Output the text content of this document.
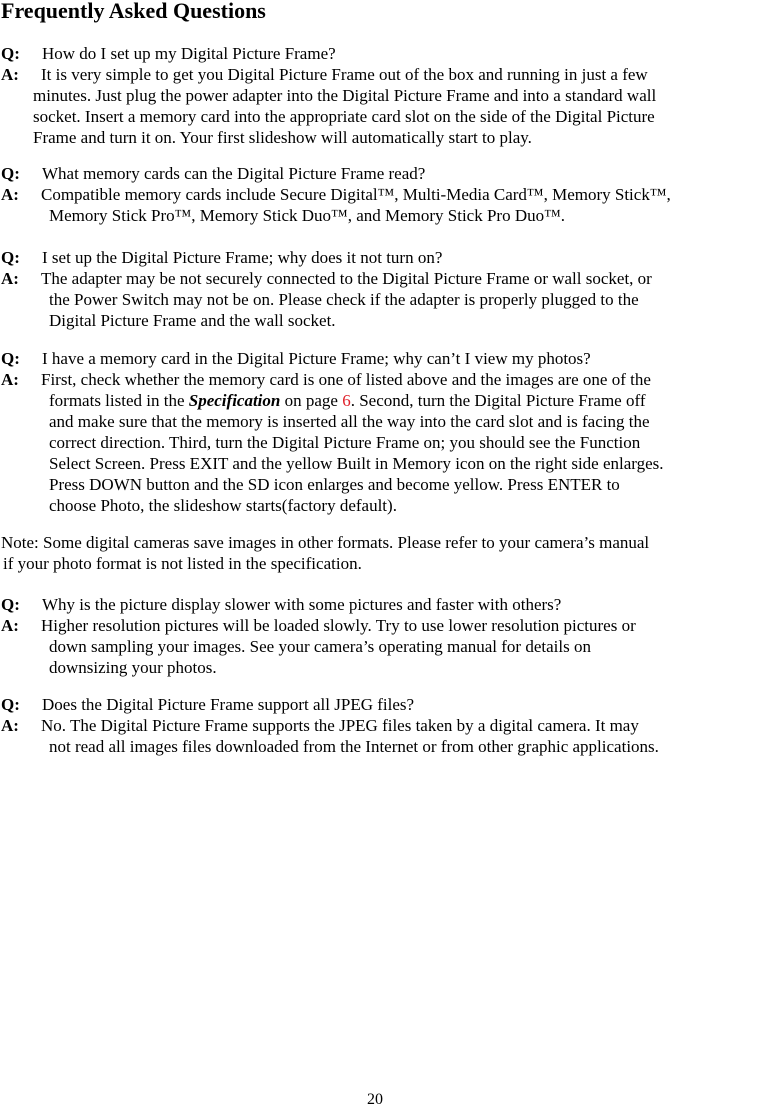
Frequently Asked Questions
Q: How do I set up my Digital Picture Frame?
A: It is very simple to get you Digital Picture Frame out of the box and running in just a few
minutes. Just plug the power adapter into the Digital Picture Frame and into a standard wall
socket. Insert a memory card into the appropriate card slot on the side of the Digital Picture
Frame and turn it on. Your first slideshow will automatically start to play.
Q: What memory cards can the Digital Picture Frame read?
A: Compatible memory cards include Secure Digital™, Multi-Media Card™, Memory Stick™,
Memory Stick Pro™, Memory Stick Duo™, and Memory Stick Pro Duo™.
Q: I set up the Digital Picture Frame; why does it not turn on?
A: The adapter may be not securely connected to the Digital Picture Frame or wall socket, or
the Power Switch may not be on. Please check if the adapter is properly plugged to the
Digital Picture Frame and the wall socket.
Q: I have a memory card in the Digital Picture Frame; why can’t I view my photos?
A: First, check whether the memory card is one of listed above and the images are one of the
formats listed in the Specification on page 6. Second, turn the Digital Picture Frame off
and make sure that the memory is inserted all the way into the card slot and is facing the
correct direction. Third, turn the Digital Picture Frame on; you should see the Function
Select Screen. Press EXIT and the yellow Built in Memory icon on the right side enlarges.
Press DOWN button and the SD icon enlarges and become yellow. Press ENTER to
choose Photo, the slideshow starts(factory default).
Note: Some digital cameras save images in other formats. Please refer to your camera’s manual
if your photo format is not listed in the specification.
Q: Why is the picture display slower with some pictures and faster with others?
A: Higher resolution pictures will be loaded slowly. Try to use lower resolution pictures or
down sampling your images. See your camera’s operating manual for details on
downsizing your photos.
Q: Does the Digital Picture Frame support all JPEG files?
A: No. The Digital Picture Frame supports the JPEG files taken by a digital camera. It may
not read all images files downloaded from the Internet or from other graphic applications.
20
